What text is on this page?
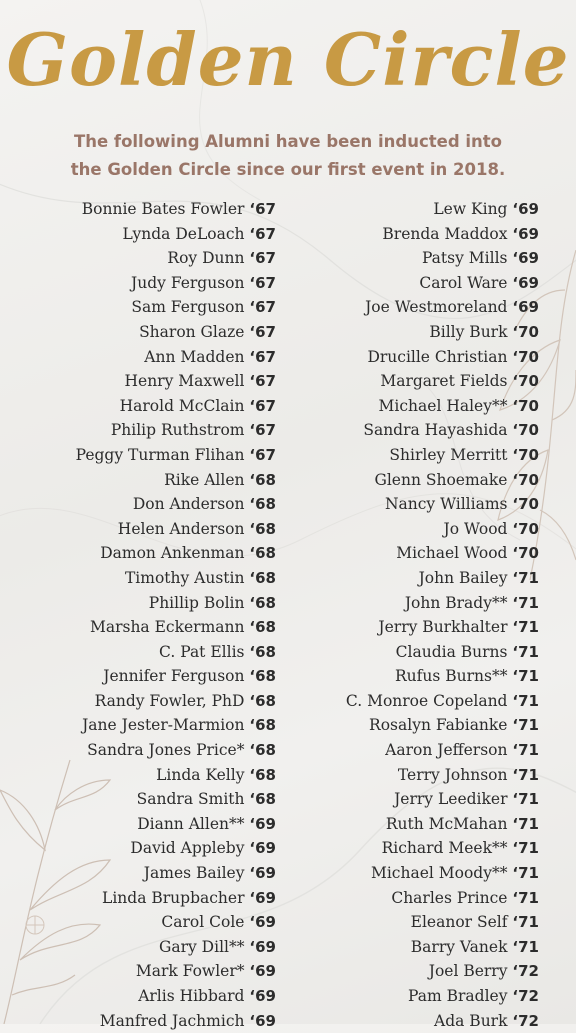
Golden Circle

The following Alumni have been inducted into
the Golden Circle since our first event in 2018.

Bonnie Bates Fowler ‘67
Lynda DeLoach ‘67
Roy Dunn ‘67
Judy Ferguson ‘67
Sam Ferguson ‘67
Sharon Glaze ‘67
Ann Madden ‘67
Henry Maxwell ‘67
Harold McClain ‘67
Philip Ruthstrom ‘67
Peggy Turman Flihan ‘67
Rike Allen ‘68
Don Anderson ‘68
Helen Anderson ‘68
Damon Ankenman ‘68
Timothy Austin ‘68
Phillip Bolin ‘68
Marsha Eckermann ‘68
C. Pat Ellis ‘68
Jennifer Ferguson ‘68
Randy Fowler, PhD ‘68
Jane Jester-Marmion ‘68
Sandra Jones Price* ‘68
Linda Kelly ‘68
Sandra Smith ‘68
Diann Allen** ‘69
David Appleby ‘69
James Bailey ‘69
Linda Brupbacher ‘69
Carol Cole ‘69
Gary Dill** ‘69
Mark Fowler* ‘69
Arlis Hibbard ‘69
Manfred Jachmich ‘69
Lew King ‘69
Brenda Maddox ‘69
Patsy Mills ‘69
Carol Ware ‘69
Joe Westmoreland ‘69
Billy Burk ‘70
Drucille Christian ‘70
Margaret Fields ‘70
Michael Haley** ‘70
Sandra Hayashida ‘70
Shirley Merritt ‘70
Glenn Shoemake ‘70
Nancy Williams ‘70
Jo Wood ‘70
Michael Wood ‘70
John Bailey ‘71
John Brady** ‘71
Jerry Burkhalter ‘71
Claudia Burns ‘71
Rufus Burns** ‘71
C. Monroe Copeland ‘71
Rosalyn Fabianke ‘71
Aaron Jefferson ‘71
Terry Johnson ‘71
Jerry Leediker ‘71
Ruth McMahan ‘71
Richard Meek** ‘71
Michael Moody** ‘71
Charles Prince ‘71
Eleanor Self ‘71
Barry Vanek ‘71
Joel Berry ‘72
Pam Bradley ‘72
Ada Burk ‘72
